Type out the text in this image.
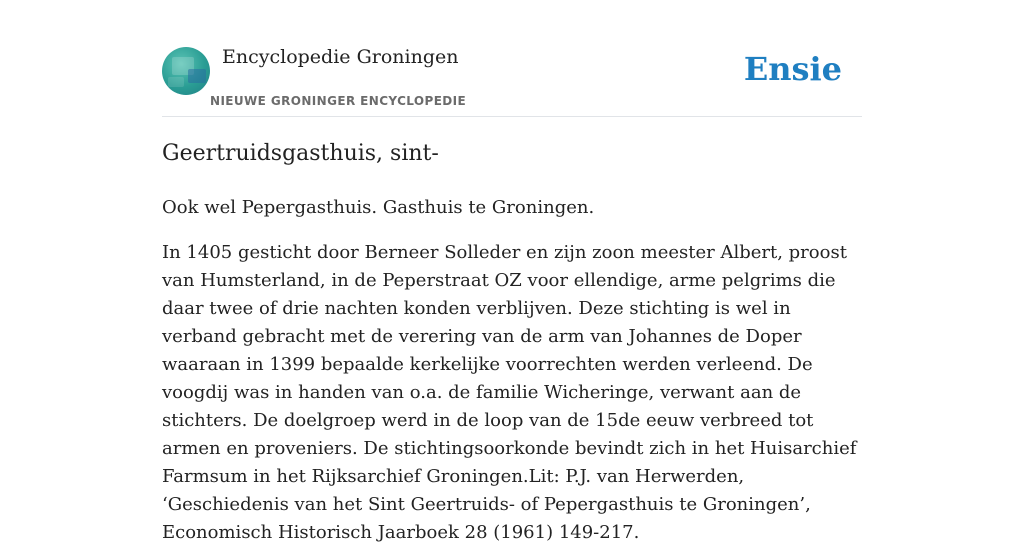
Encyclopedie Groningen
NIEUWE GRONINGER ENCYCLOPEDIE
Ensie
Geertruidsgasthuis, sint-

Ook wel Pepergasthuis. Gasthuis te Groningen.

In 1405 gesticht door Berneer Solleder en zijn zoon meester Albert, proost van Humsterland, in de Peperstraat OZ voor ellendige, arme pelgrims die daar twee of drie nachten konden verblijven. Deze stichting is wel in verband gebracht met de verering van de arm van Johannes de Doper waaraan in 1399 bepaalde kerkelijke voorrechten werden verleend. De voogdij was in handen van o.a. de familie Wicheringe, verwant aan de stichters. De doelgroep werd in de loop van de 15de eeuw verbreed tot armen en proveniers. De stichtingsoorkonde bevindt zich in het Huisarchief Farmsum in het Rijksarchief Groningen.Lit: P.J. van Herwerden, ‘Geschiedenis van het Sint Geertruids- of Pepergasthuis te Groningen’, Economisch Historisch Jaarboek 28 (1961) 149-217.
